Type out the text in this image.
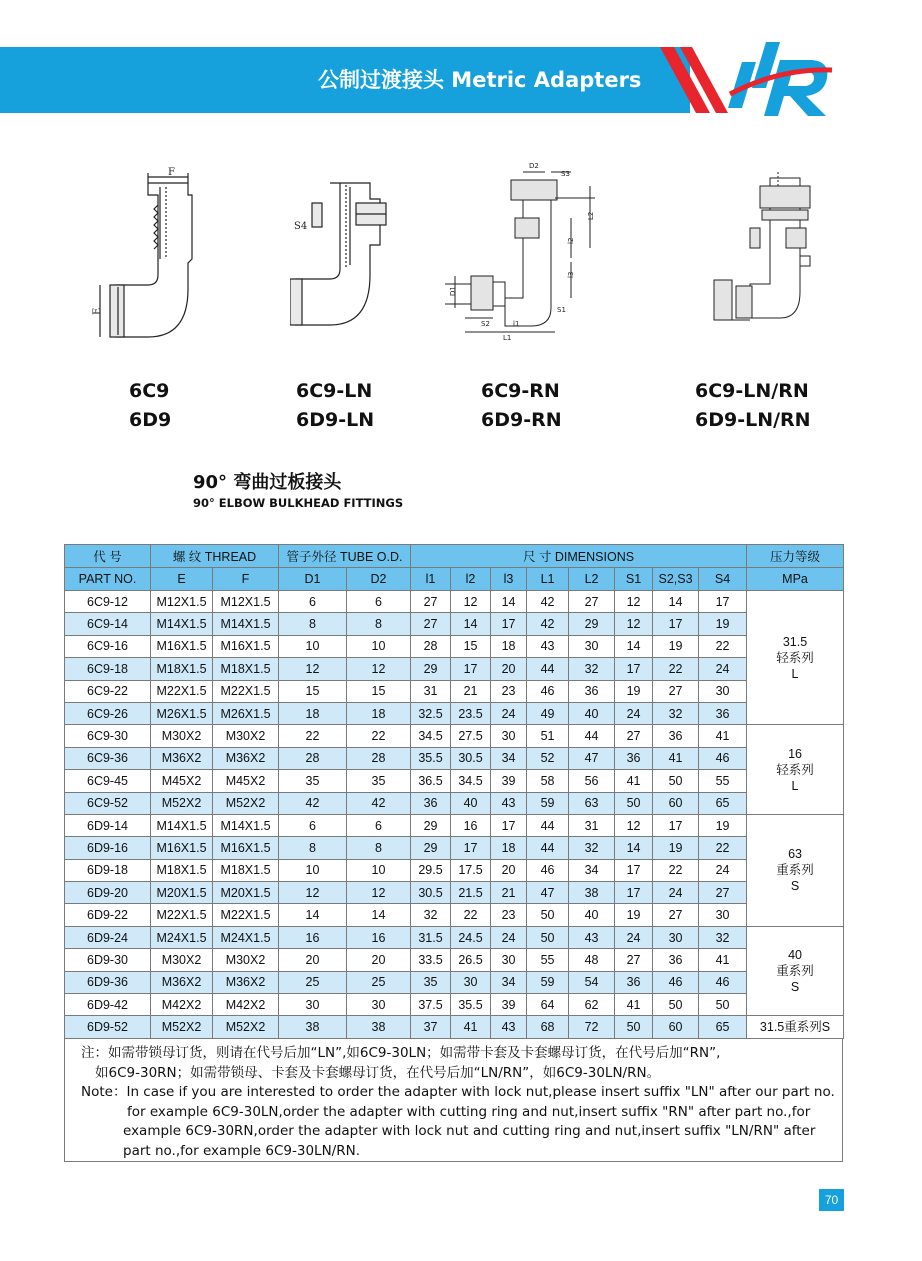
公制过渡接头 Metric Adapters
F
E
S4
D2
S3
L2
l2
l3
D1
S2	l1
L1
S1
6C9
6D9
6C9-LN
6D9-LN
6C9-RN
6D9-RN
6C9-LN/RN
6D9-LN/RN
90° 弯曲过板接头
90° ELBOW BULKHEAD FITTINGS
代 号	螺 纹 THREAD		管子外径 TUBE O.D.		尺 寸 DIMENSIONS								压力等级
PART NO.	E	F	D1	D2	l1	l2	l3	L1	L2	S1	S2,S3	S4	MPa
6C9-12	M12X1.5	M12X1.5	6	6	27	12	14	42	27	12	14	17	31.5
轻系列
L

6C9-14	M14X1.5	M14X1.5	8	8	27	14	17	42	29	12	17	19	
6C9-16	M16X1.5	M16X1.5	10	10	28	15	18	43	30	14	19	22	
6C9-18	M18X1.5	M18X1.5	12	12	29	17	20	44	32	17	22	24	
6C9-22	M22X1.5	M22X1.5	15	15	31	21	23	46	36	19	27	30	
6C9-26	M26X1.5	M26X1.5	18	18	32.5	23.5	24	49	40	24	32	36	
6C9-30	M30X2	M30X2	22	22	34.5	27.5	30	51	44	27	36	41	16
轻系列
L

6C9-36	M36X2	M36X2	28	28	35.5	30.5	34	52	47	36	41	46	
6C9-45	M45X2	M45X2	35	35	36.5	34.5	39	58	56	41	50	55	
6C9-52	M52X2	M52X2	42	42	36	40	43	59	63	50	60	65	
6D9-14	M14X1.5	M14X1.5	6	6	29	16	17	44	31	12	17	19	63
重系列
S

6D9-16	M16X1.5	M16X1.5	8	8	29	17	18	44	32	14	19	22	
6D9-18	M18X1.5	M18X1.5	10	10	29.5	17.5	20	46	34	17	22	24	
6D9-20	M20X1.5	M20X1.5	12	12	30.5	21.5	21	47	38	17	24	27	
6D9-22	M22X1.5	M22X1.5	14	14	32	22	23	50	40	19	27	30	
6D9-24	M24X1.5	M24X1.5	16	16	31.5	24.5	24	50	43	24	30	32	40
重系列
S

6D9-30	M30X2	M30X2	20	20	33.5	26.5	30	55	48	27	36	41	
6D9-36	M36X2	M36X2	25	25	35	30	34	59	54	36	46	46	
6D9-42	M42X2	M42X2	30	30	37.5	35.5	39	64	62	41	50	50	
6D9-52	M52X2	M52X2	38	38	37	41	43	68	72	50	60	65	31.5重系列S
注：如需带锁母订货，则请在代号后加“LN”,如6C9-30LN；如需带卡套及卡套螺母订货，在代号后加“RN”,
如6C9-30RN；如需带锁母、卡套及卡套螺母订货，在代号后加“LN/RN”，如6C9-30LN/RN。
Note：In case if you are interested to order the adapter with lock nut,please insert suffix "LN" after our part no.
for example 6C9-30LN,order the adapter with cutting ring and nut,insert suffix "RN" after part no.,for
example 6C9-30RN,order the adapter with lock nut and cutting ring and nut,insert suffix "LN/RN" after
part no.,for example 6C9-30LN/RN.
70
